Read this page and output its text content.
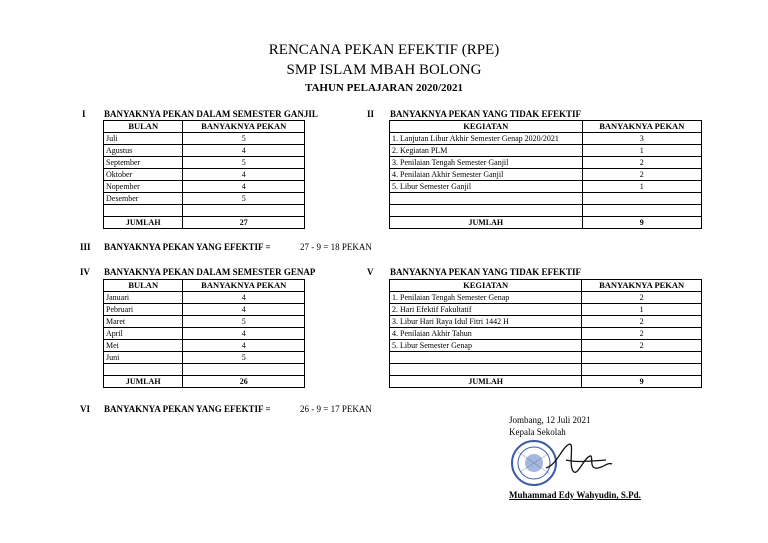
RENCANA PEKAN EFEKTIF (RPE)
SMP ISLAM MBAH BOLONG
TAHUN PELAJARAN 2020/2021
I BANYAKNYA PEKAN DALAM SEMESTER GANJIL
BULAN	BANYAKNYA PEKAN
Juli	5
Agustus	4
September	5
Oktober	4
Nopember	4
Desember	5

JUMLAH	27
II BANYAKNYA PEKAN YANG TIDAK EFEKTIF
KEGIATAN	BANYAKNYA PEKAN
1. Lanjutan Libur Akhir Semester Genap 2020/2021	3
2. Kegiatan PLM	1
3. Penilaian Tengah Semester Ganjil	2
4. Penilaian Akhir Semester Ganjil	2
5. Libur Semester Ganjil	1

JUMLAH	9
III BANYAKNYA PEKAN YANG EFEKTIF =	27 - 9 = 18 PEKAN
IV BANYAKNYA PEKAN DALAM SEMESTER GENAP
BULAN	BANYAKNYA PEKAN
Januari	4
Pebruari	4
Maret	5
April	4
Mei	4
Juni	5

JUMLAH	26
V BANYAKNYA PEKAN YANG TIDAK EFEKTIF
KEGIATAN	BANYAKNYA PEKAN
1. Penilaian Tengah Semester Genap	2
2. Hari Efektif Fakultatif	1
3. Libur Hari Raya Idul Fitri 1442 H	2
4. Penilaian Akhir Tahun	2
5. Libur Semester Genap	2

JUMLAH	9
VI BANYAKNYA PEKAN YANG EFEKTIF =	26 - 9 = 17 PEKAN
Jombang, 12 Juli 2021
Kepala Sekolah
Muhammad Edy Wahyudin, S.Pd.
